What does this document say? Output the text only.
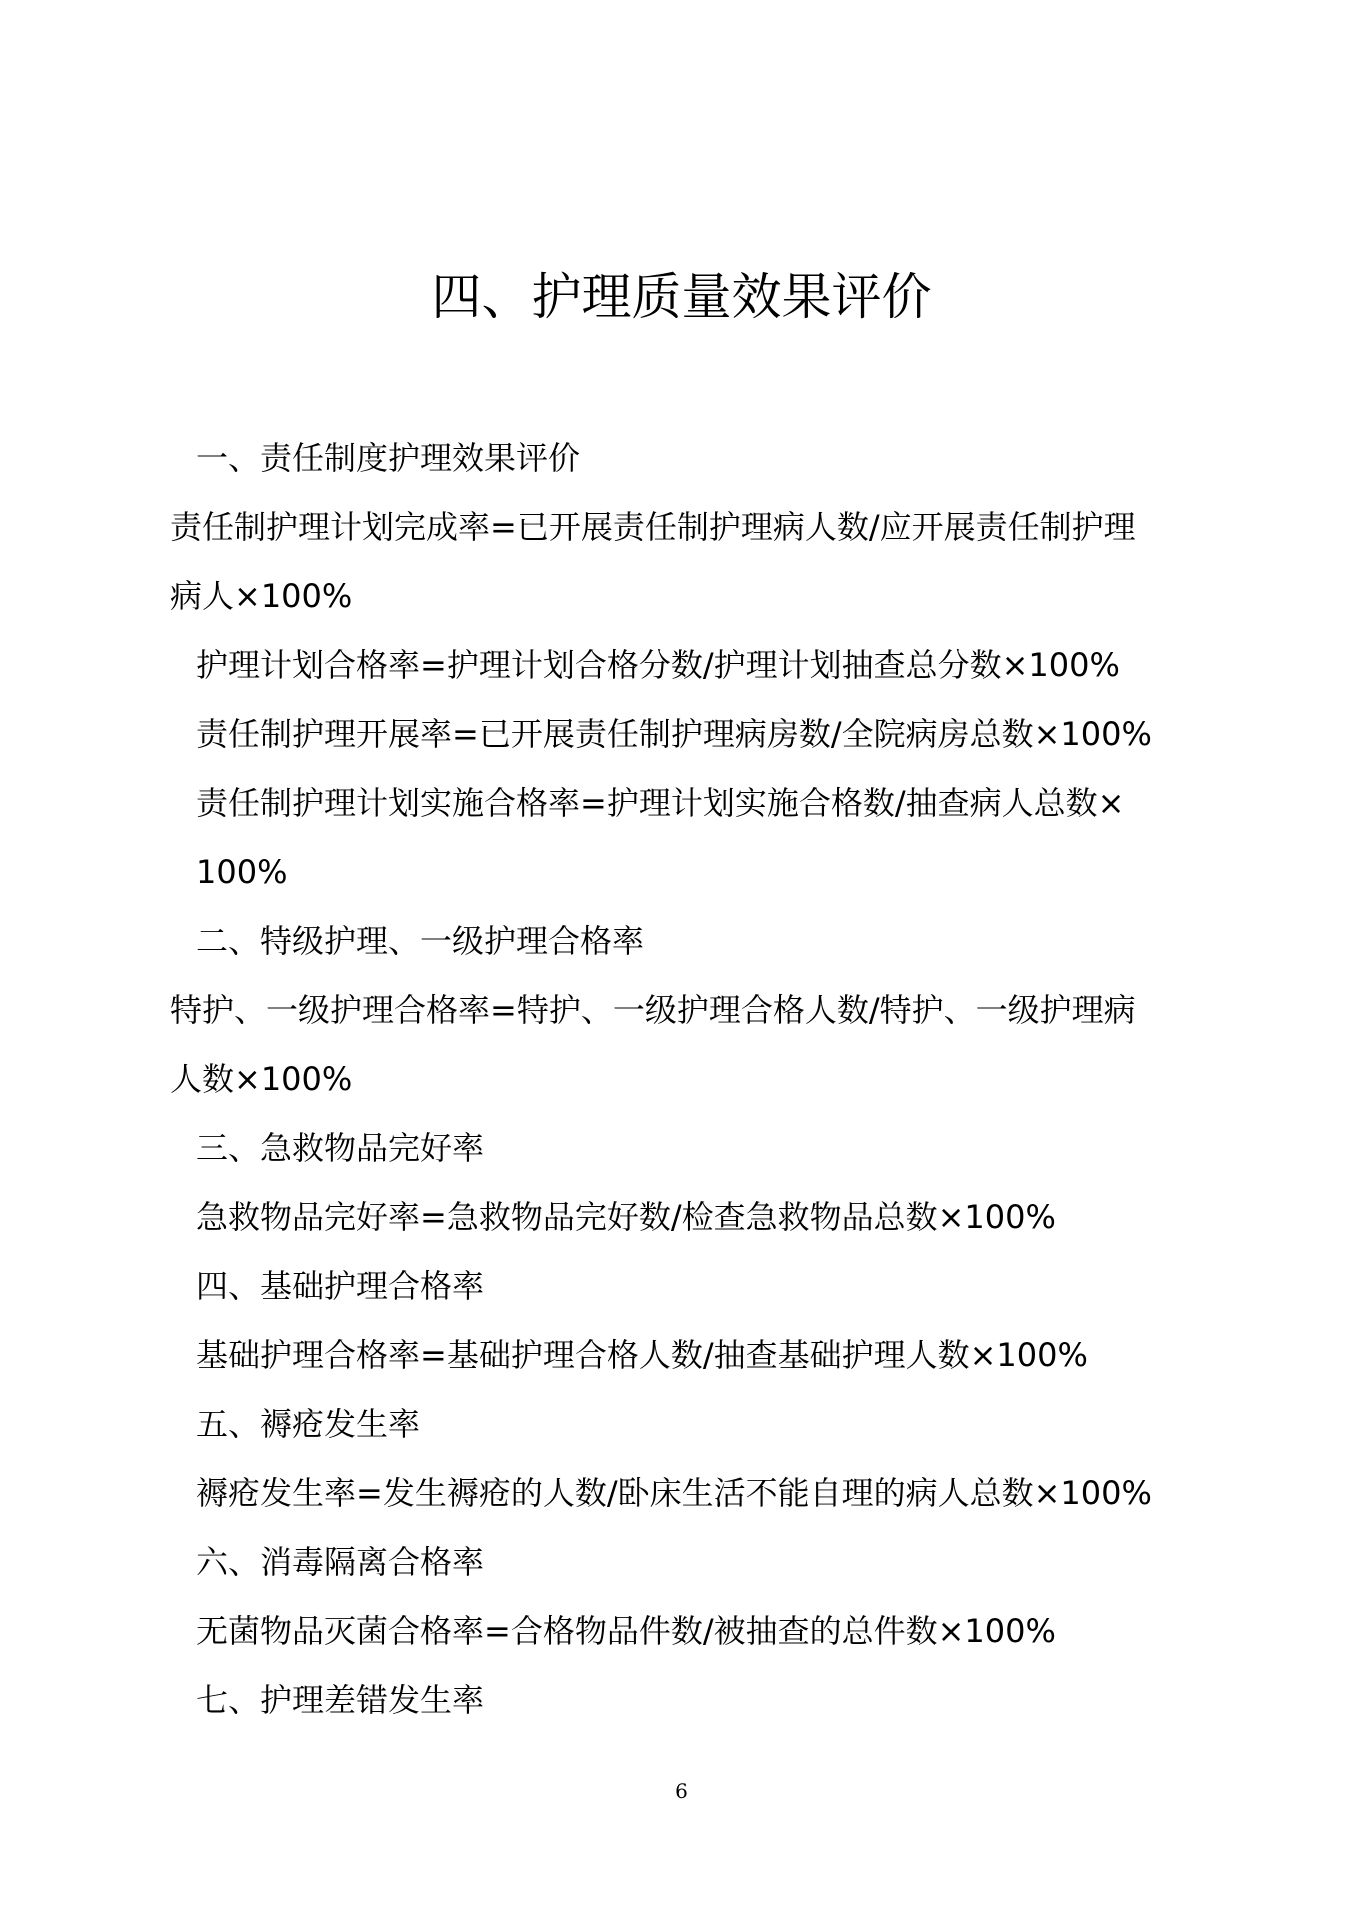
四、护理质量效果评价
一、责任制度护理效果评价
责任制护理计划完成率=已开展责任制护理病人数/应开展责任制护理
病人×100%
护理计划合格率=护理计划合格分数/护理计划抽查总分数×100%
责任制护理开展率=已开展责任制护理病房数/全院病房总数×100%
责任制护理计划实施合格率=护理计划实施合格数/抽查病人总数×
100%
二、特级护理、一级护理合格率
特护、一级护理合格率=特护、一级护理合格人数/特护、一级护理病
人数×100%
三、急救物品完好率
急救物品完好率=急救物品完好数/检查急救物品总数×100%
四、基础护理合格率
基础护理合格率=基础护理合格人数/抽查基础护理人数×100%
五、褥疮发生率
褥疮发生率=发生褥疮的人数/卧床生活不能自理的病人总数×100%
六、消毒隔离合格率
无菌物品灭菌合格率=合格物品件数/被抽查的总件数×100%
七、护理差错发生率
6
